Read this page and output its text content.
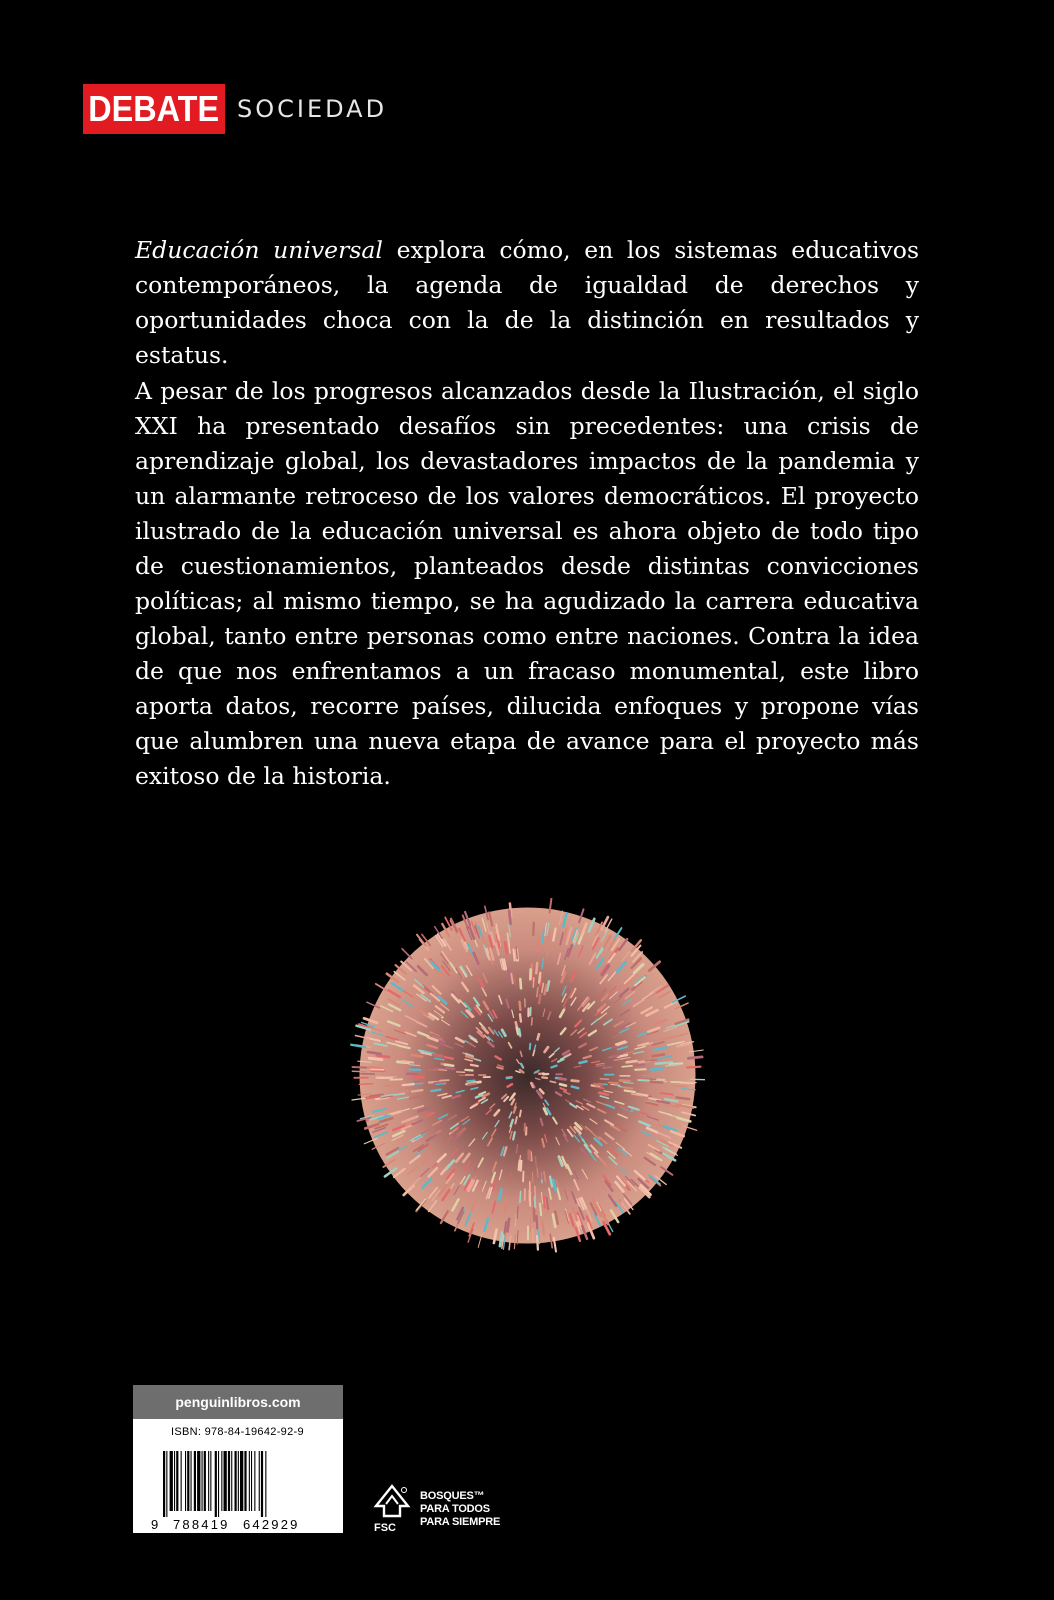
DEBATE SOCIEDAD

Educación universal explora cómo, en los sistemas educativos contemporáneos, la agenda de igualdad de derechos y oportunidades choca con la de la distinción en resultados y estatus.

A pesar de los progresos alcanzados desde la Ilustración, el siglo XXI ha presentado desafíos sin precedentes: una crisis de aprendizaje global, los devastadores impactos de la pandemia y un alarmante retroceso de los valores democráticos. El proyecto ilustrado de la educación universal es ahora objeto de todo tipo de cuestionamientos, planteados desde distintas convicciones políticas; al mismo tiempo, se ha agudizado la carrera educativa global, tanto entre personas como entre naciones. Contra la idea de que nos enfrentamos a un fracaso monumental, este libro aporta datos, recorre países, dilucida enfoques y propone vías que alumbren una nueva etapa de avance para el proyecto más exitoso de la historia.

penguinlibros.com
ISBN: 978-84-19642-92-9
9 788419 642929	FSC
BOSQUES™
PARA TODOS
PARA SIEMPRE
